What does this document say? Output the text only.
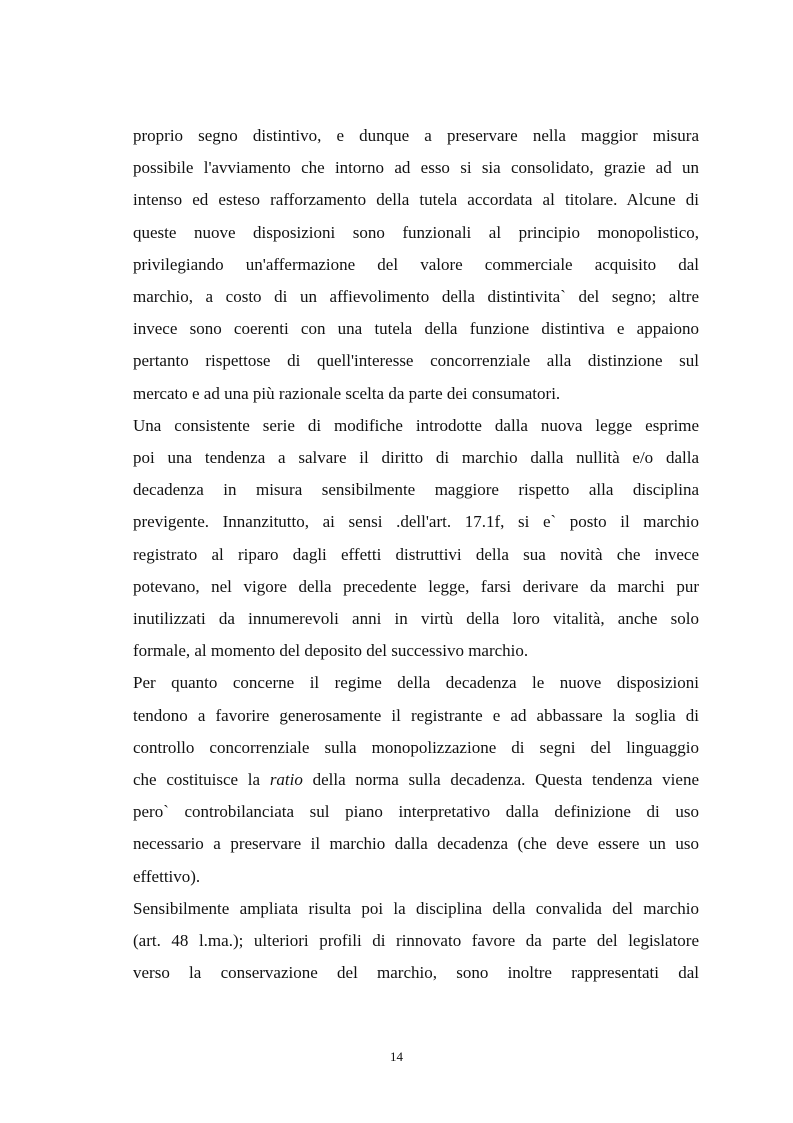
proprio segno distintivo, e dunque a preservare nella maggior misura
possibile l'avviamento che intorno ad esso si sia consolidato, grazie ad un
intenso ed esteso rafforzamento della tutela accordata al titolare. Alcune di
queste nuove disposizioni sono funzionali al principio monopolistico,
privilegiando un'affermazione del valore commerciale acquisito dal
marchio, a costo di un affievolimento della distintivita` del segno; altre
invece sono coerenti con una tutela della funzione distintiva e appaiono
pertanto rispettose di quell'interesse concorrenziale alla distinzione sul
mercato e ad una più razionale scelta da parte dei consumatori.

Una consistente serie di modifiche introdotte dalla nuova legge esprime
poi una tendenza a salvare il diritto di marchio dalla nullità e/o dalla
decadenza in misura sensibilmente maggiore rispetto alla disciplina
previgente. Innanzitutto, ai sensi .dell'art. 17.1f, si e` posto il marchio
registrato al riparo dagli effetti distruttivi della sua novità che invece
potevano, nel vigore della precedente legge, farsi derivare da marchi pur
inutilizzati da innumerevoli anni in virtù della loro vitalità, anche solo
formale, al momento del deposito del successivo marchio.

Per quanto concerne il regime della decadenza le nuove disposizioni
tendono a favorire generosamente il registrante e ad abbassare la soglia di
controllo concorrenziale sulla monopolizzazione di segni del linguaggio
che costituisce la ratio della norma sulla decadenza. Questa tendenza viene
pero` controbilanciata sul piano interpretativo dalla definizione di uso
necessario a preservare il marchio dalla decadenza (che deve essere un uso
effettivo).

Sensibilmente ampliata risulta poi la disciplina della convalida del marchio
(art. 48 l.ma.); ulteriori profili di rinnovato favore da parte del legislatore
verso la conservazione del marchio, sono inoltre rappresentati dal

14
